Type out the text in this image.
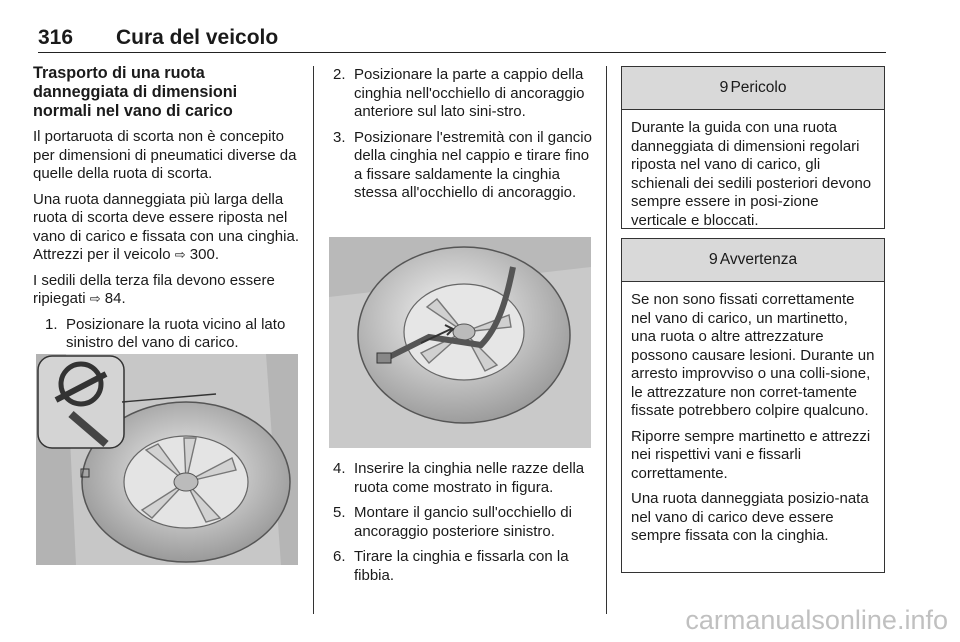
316 Cura del veicolo
Trasporto di una ruota
danneggiata di dimensioni
normali nel vano di carico

Il portaruota di scorta non è concepito per dimensioni di pneumatici diverse da quelle della ruota di scorta.

Una ruota danneggiata più larga della ruota di scorta deve essere riposta nel vano di carico e fissata con una cinghia. Attrezzi per il veicolo ⇨ 300.

I sedili della terza fila devono essere ripiegati ⇨ 84.

1. Posizionare la ruota vicino al lato sinistro del vano di carico.
2. Posizionare la parte a cappio della cinghia nell'occhiello di ancoraggio anteriore sul lato sini-stro.
3. Posizionare l'estremità con il gancio della cinghia nel cappio e tirare fino a fissare saldamente la cinghia stessa all'occhiello di ancoraggio.
4. Inserire la cinghia nelle razze della ruota come mostrato in figura.
5. Montare il gancio sull'occhiello di ancoraggio posteriore sinistro.
6. Tirare la cinghia e fissarla con la fibbia.
9 Pericolo

Durante la guida con una ruota danneggiata di dimensioni regolari riposta nel vano di carico, gli schienali dei sedili posteriori devono sempre essere in posi-zione verticale e bloccati.

9 Avvertenza

Se non sono fissati correttamente nel vano di carico, un martinetto, una ruota o altre attrezzature possono causare lesioni. Durante un arresto improvviso o una colli-sione, le attrezzature non corret-tamente fissate potrebbero colpire qualcuno.

Riporre sempre martinetto e attrezzi nei rispettivi vani e fissarli correttamente.

Una ruota danneggiata posizio-nata nel vano di carico deve essere sempre fissata con la cinghia.

carmanualsonline.info
